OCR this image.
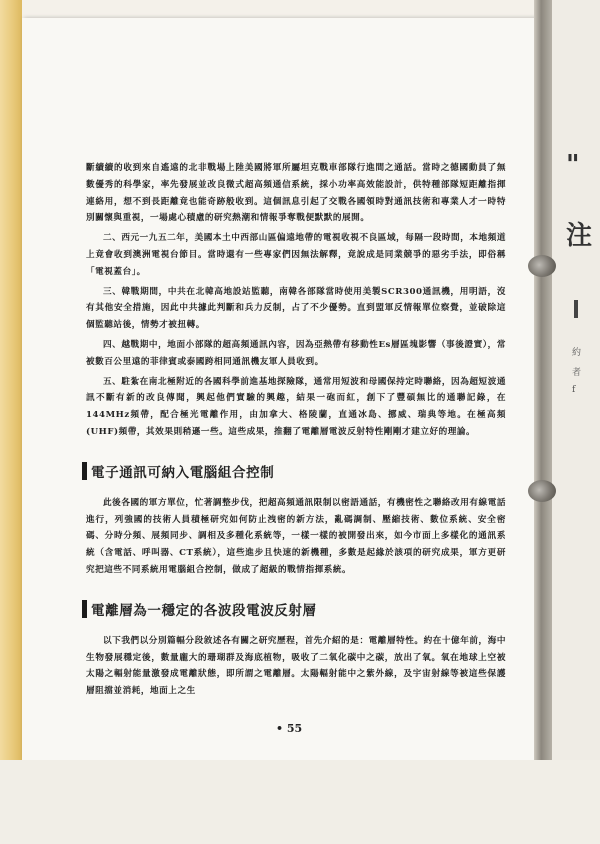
"
注
約
者
f

斷續續的收到來自遙遠的北非戰場上陸美國將軍所屬坦克戰車部隊行進間之通話。當時之德國動員了無數優秀的科學家，率先發展並改良微式超高頻通信系統，採小功率高效能設計，供特種部隊短距離指揮連絡用，想不到長距離竟也能奇跡般收到。這個訊息引起了交戰各國領時對通訊技術和專業人才一時特別關懷與重視，一場處心積慮的研究熱潮和情報爭奪戰便默默的展開。

二、西元一九五二年，美國本土中西部山區偏遠地帶的電視收視不良區域，每隔一段時間，本地頻道上竟會收到澳洲電視台節目。當時還有一些專家們因無法解釋，竟說成是同業競爭的惡劣手法，即俗稱「電視蓋台」。

三、韓戰期間，中共在北韓高地設站監聽，南韓各部隊當時使用美製SCR300通訊機，用明語，沒有其他安全措施，因此中共據此判斷和兵力反制，占了不少優勢。直到盟軍反情報單位察覺，並破除這個監聽站後，情勢才被扭轉。

四、越戰期中，地面小部隊的超高頻通訊內容，因為亞熱帶有移動性Es層區塊影響（事後證實），常被數百公里遠的菲律賓或泰國跨相同通訊機友軍人員收到。

五、駐紮在南北極附近的各國科學前進基地探險隊，通常用短波和母國保持定時聯絡，因為超短波通訊不斷有新的改良傳聞，興起他們實驗的興趣，結果一砲而紅，創下了豐碩無比的通聯記錄，在144MHz頻帶，配合極光電離作用，由加拿大、格陵蘭，直通冰島、挪威、瑞典等地。在極高頻(UHF)頻帶，其效果則稍遜一些。這些成果，推翻了電離層電波反射特性剛剛才建立好的理論。

電子通訊可納入電腦組合控制

此後各國的軍方單位，忙著調整步伐，把超高頻通訊限制以密語通話，有機密性之聯絡改用有線電話進行，列強國的技術人員積極研究如何防止洩密的新方法，亂碼調制、壓縮技術、數位系統、安全密碼、分時分頻、展頻同步、調相及多種化系統等，一樣一樣的被開發出來，如今市面上多樣化的通訊系統（含電話、呼叫器、CT系統），這些進步且快速的新機種，多數是起緣於該項的研究成果，軍方更研究把這些不同系統用電腦組合控制，做成了超級的戰情指揮系統。

電離層為一穩定的各波段電波反射層

以下我們以分別篇幅分段敘述各有關之研究歷程，首先介紹的是：電離層特性。約在十億年前，海中生物發展穩定後，數量龐大的珊瑚群及海底植物，吸收了二氧化碳中之碳，放出了氧。氧在地球上空被太陽之輻射能量激發成電離狀態，即所謂之電離層。太陽輻射能中之紫外線，及宇宙射線等被這些保護層阻擋並消耗，地面上之生

• 55
